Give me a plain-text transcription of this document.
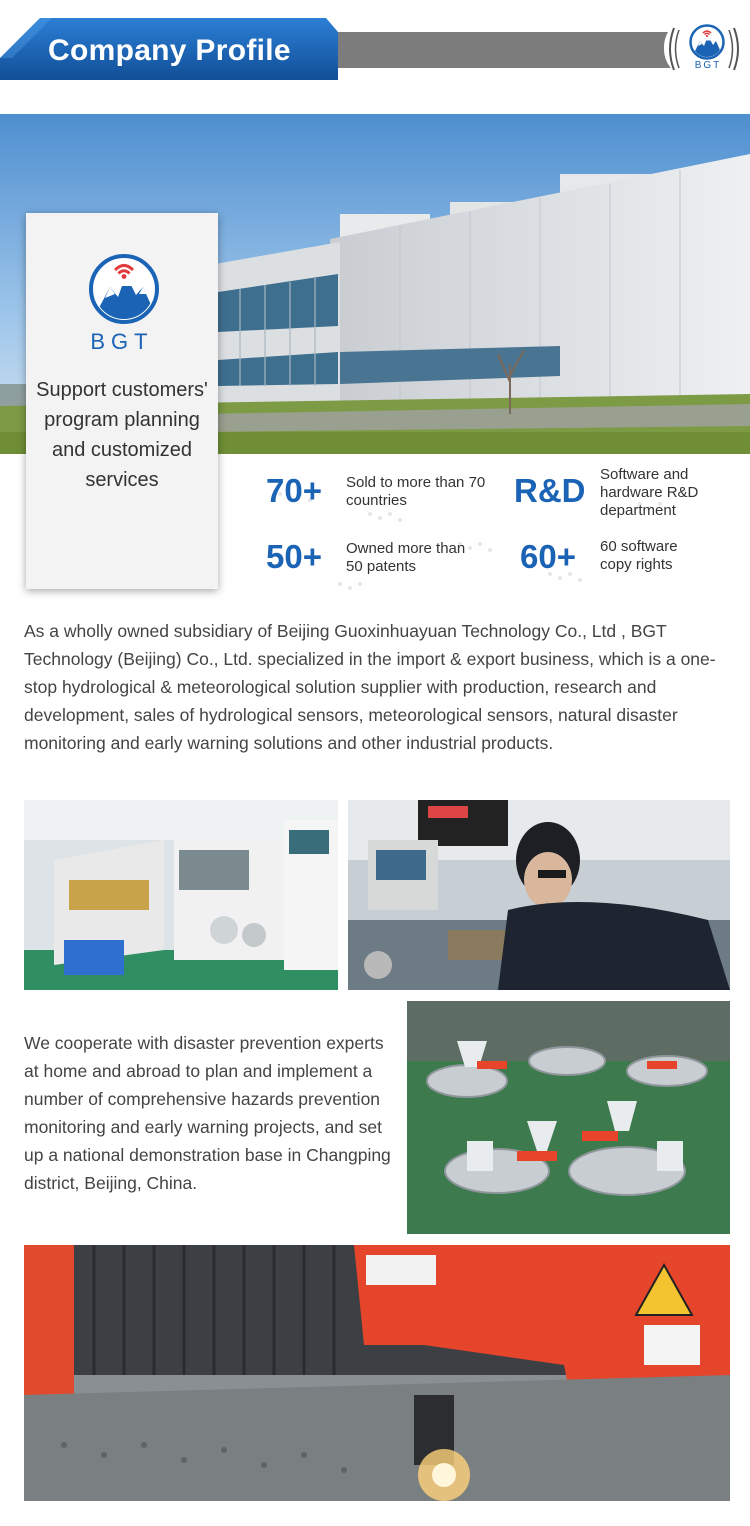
Company Profile	BGT
BGT
Support customers' program planning and customized services	70+ Sold to more than 70 countries	R&D Software and hardware R&D department
50+ Owned more than 50 patents	60+ 60 software copy rights

As a wholly owned subsidiary of Beijing Guoxinhuayuan Technology Co., Ltd , BGT Technology (Beijing) Co., Ltd. specialized in the import & export business, which is a one-stop hydrological & meteorological solution supplier with production, research and development, sales of hydrological sensors, meteorological sensors, natural disaster monitoring and early warning solutions and other industrial products.

We cooperate with disaster prevention experts at home and abroad to plan and implement a number of comprehensive hazards prevention monitoring and early warning projects, and set up a national demonstration base in Changping district, Beijing, China.
